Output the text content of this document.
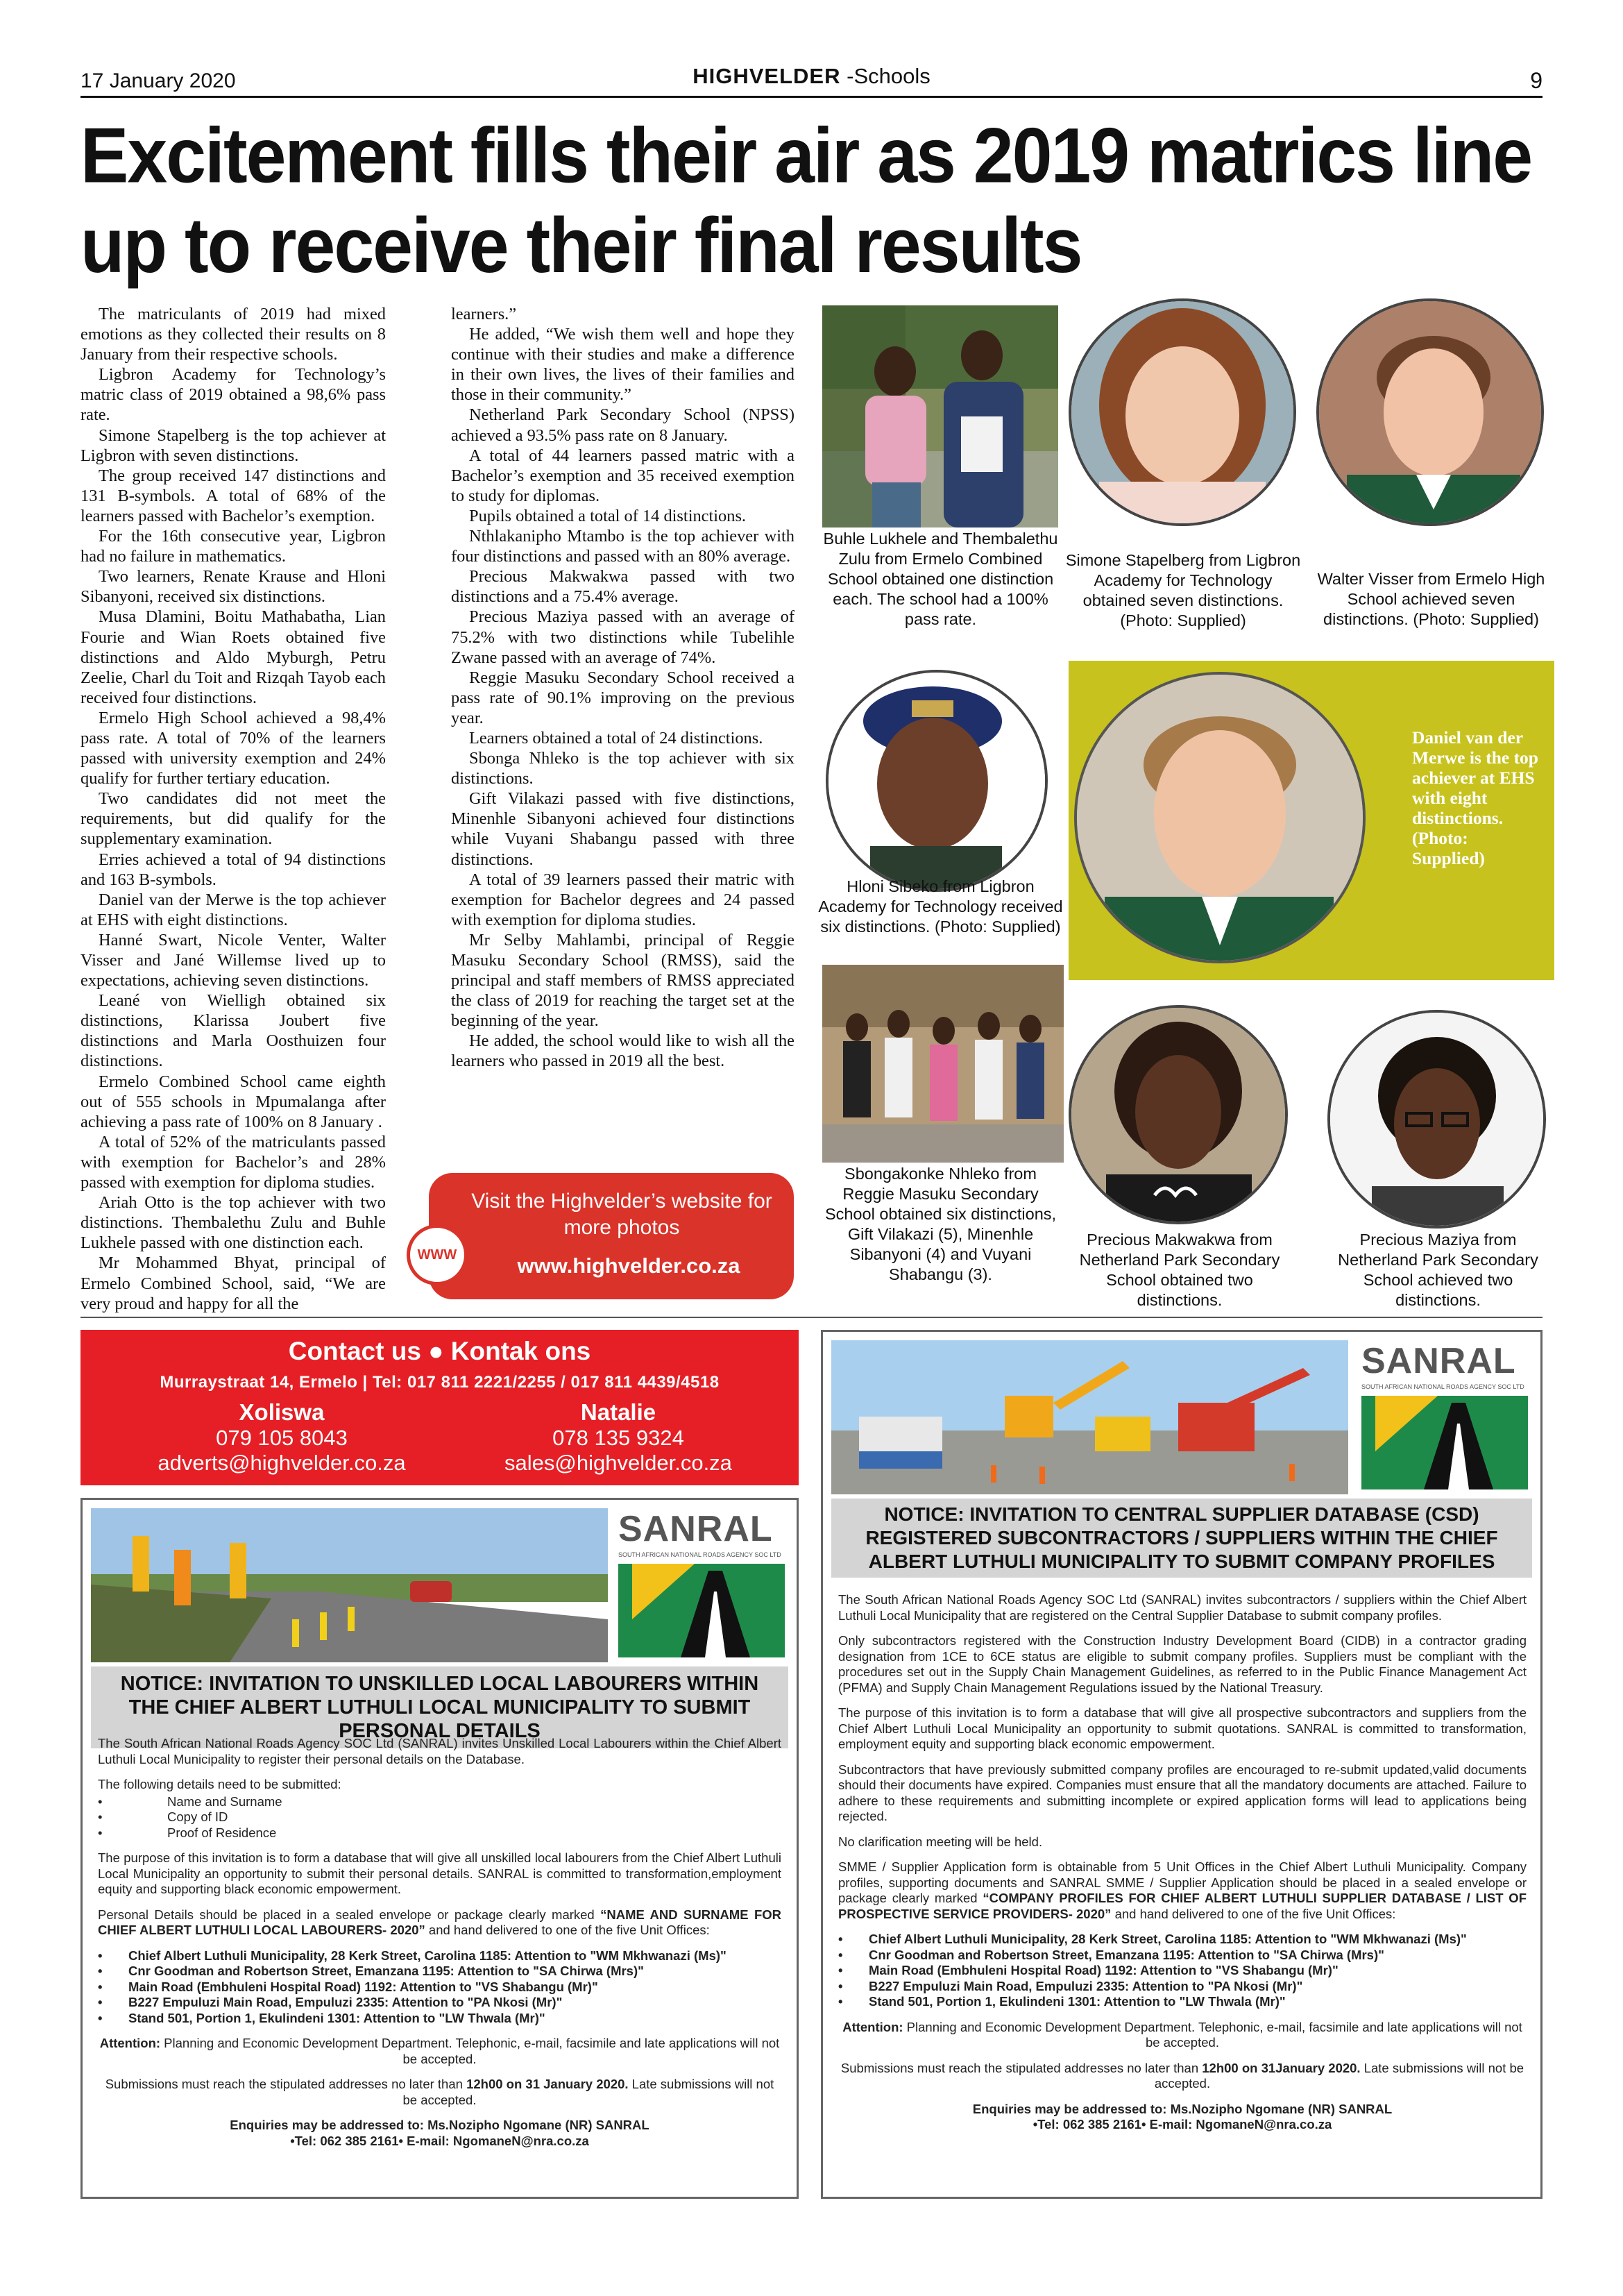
17 January 2020	HIGHVELDER -Schools	9
Excitement fills their air as 2019 matrics line up to receive their final results

The matriculants of 2019 had mixed emotions as they collected their results on 8 January from their respective schools.

Ligbron Academy for Technology’s matric class of 2019 obtained a 98,6% pass rate.

Simone Stapelberg is the top achiever at Ligbron with seven distinctions.

The group received 147 distinctions and 131 B-symbols. A total of 68% of the learners passed with Bachelor’s exemption.

For the 16th consecutive year, Ligbron had no failure in mathematics.

Two learners, Renate Krause and Hloni Sibanyoni, received six distinctions.

Musa Dlamini, Boitu Mathabatha, Lian Fourie and Wian Roets obtained five distinctions and Aldo Myburgh, Petru Zeelie, Charl du Toit and Rizqah Tayob each received four distinctions.

Ermelo High School achieved a 98,4% pass rate. A total of 70% of the learners passed with university exemption and 24% qualify for further tertiary education.

Two candidates did not meet the requirements, but did qualify for the supplementary examination.

Erries achieved a total of 94 distinctions and 163 B-symbols.

Daniel van der Merwe is the top achiever at EHS with eight distinctions.

Hanné Swart, Nicole Venter, Walter Visser and Jané Willemse lived up to expectations, achieving seven distinctions.

Leané von Wielligh obtained six distinctions, Klarissa Joubert five distinctions and Marla Oosthuizen four distinctions.

Ermelo Combined School came eighth out of 555 schools in Mpumalanga after achieving a pass rate of 100% on 8 January .

A total of 52% of the matriculants passed with exemption for Bachelor’s and 28% passed with exemption for diploma studies.

Ariah Otto is the top achiever with two distinctions. Thembalethu Zulu and Buhle Lukhele passed with one distinction each.

Mr Mohammed Bhyat, principal of Ermelo Combined School, said, “We are very proud and happy for all the

learners.”

He added, “We wish them well and hope they continue with their studies and make a difference in their own lives, the lives of their families and those in their community.”

Netherland Park Secondary School (NPSS) achieved a 93.5% pass rate on 8 January.

A total of 44 learners passed matric with a Bachelor’s exemption and 35 received exemption to study for diplomas.

Pupils obtained a total of 14 distinctions.

Nthlakanipho Mtambo is the top achiever with four distinctions and passed with an 80% average.

Precious Makwakwa passed with two distinctions and a 75.4% average.

Precious Maziya passed with an average of 75.2% with two distinctions while Tubelihle Zwane passed with an average of 74%.

Reggie Masuku Secondary School received a pass rate of 90.1% improving on the previous year.

Learners obtained a total of 24 distinctions.

Sbonga Nhleko is the top achiever with six distinctions.

Gift Vilakazi passed with five distinctions, Minenhle Sibanyoni achieved four distinctions while Vuyani Shabangu passed with three distinctions.

A total of 39 learners passed their matric with exemption for Bachelor degrees and 24 passed with exemption for diploma studies.

Mr Selby Mahlambi, principal of Reggie Masuku Secondary School (RMSS), said the principal and staff members of RMSS appreciated the class of 2019 for reaching the target set at the beginning of the year.

He added, the school would like to wish all the learners who passed in 2019 all the best.

Buhle Lukhele and Thembalethu Zulu from Ermelo Combined School obtained one distinction each. The school had a 100% pass rate.
Simone Stapelberg from Ligbron Academy for Technology obtained seven distinctions. (Photo: Supplied)
Walter Visser from Ermelo High School achieved seven distinctions. (Photo: Supplied)
Hloni Sibeko from Ligbron Academy for Technology received six distinctions. (Photo: Supplied)
Daniel van der Merwe is the top achiever at EHS with eight distinctions. (Photo: Supplied)
Sbongakonke Nhleko from Reggie Masuku Secondary School obtained six distinctions, Gift Vilakazi (5), Minenhle Sibanyoni (4) and Vuyani Shabangu (3).
Precious Makwakwa from Netherland Park Secondary School obtained two distinctions.
Precious Maziya from Netherland Park Secondary School achieved two distinctions.
Visit the Highvelder’s website for more photos
www.highvelder.co.za
WWW
Contact us ● Kontak ons
Murraystraat 14, Ermelo | Tel: 017 811 2221/2255 / 017 811 4439/4518
Xoliswa
079 105 8043
adverts@highvelder.co.za
Natalie
078 135 9324
sales@highvelder.co.za
SANRAL
SOUTH AFRICAN NATIONAL ROADS AGENCY SOC LTD
NOTICE: INVITATION TO UNSKILLED LOCAL LABOURERS WITHIN THE CHIEF ALBERT LUTHULI LOCAL MUNICIPALITY TO SUBMIT PERSONAL DETAILS

The South African National Roads Agency SOC Ltd (SANRAL) invites Unskilled Local Labourers within the Chief Albert Luthuli Local Municipality to register their personal details on the Database.

The following details need to be submitted:

• Name and Surname
• Copy of ID
• Proof of Residence

The purpose of this invitation is to form a database that will give all unskilled local labourers from the Chief Albert Luthuli Local Municipality an opportunity to submit their personal details. SANRAL is committed to transformation,employment equity and supporting black economic empowerment.

Personal Details should be placed in a sealed envelope or package clearly marked “NAME AND SURNAME FOR CHIEF ALBERT LUTHULI LOCAL LABOURERS- 2020” and hand delivered to one of the five Unit Offices:

• Chief Albert Luthuli Municipality, 28 Kerk Street, Carolina 1185: Attention to "WM Mkhwanazi (Ms)"
• Cnr Goodman and Robertson Street, Emanzana 1195: Attention to "SA Chirwa (Mrs)"
• Main Road (Embhuleni Hospital Road) 1192: Attention to "VS Shabangu (Mr)"
• B227 Empuluzi Main Road, Empuluzi 2335: Attention to "PA Nkosi (Mr)"
• Stand 501, Portion 1, Ekulindeni 1301: Attention to "LW Thwala (Mr)"

Attention: Planning and Economic Development Department. Telephonic, e-mail, facsimile and late applications will not be accepted.

Submissions must reach the stipulated addresses no later than 12h00 on 31 January 2020. Late submissions will not be accepted.

Enquiries may be addressed to: Ms.Nozipho Ngomane (NR) SANRAL
•Tel: 062 385 2161• E-mail: NgomaneN@nra.co.za
SANRAL
SOUTH AFRICAN NATIONAL ROADS AGENCY SOC LTD
NOTICE: INVITATION TO CENTRAL SUPPLIER DATABASE (CSD) REGISTERED SUBCONTRACTORS / SUPPLIERS WITHIN THE CHIEF ALBERT LUTHULI MUNICIPALITY TO SUBMIT COMPANY PROFILES

The South African National Roads Agency SOC Ltd (SANRAL) invites subcontractors / suppliers within the Chief Albert Luthuli Local Municipality that are registered on the Central Supplier Database to submit company profiles.

Only subcontractors registered with the Construction Industry Development Board (CIDB) in a contractor grading designation from 1CE to 6CE status are eligible to submit company profiles. Suppliers must be compliant with the procedures set out in the Supply Chain Management Guidelines, as referred to in the Public Finance Management Act (PFMA) and Supply Chain Management Regulations issued by the National Treasury.

The purpose of this invitation is to form a database that will give all prospective subcontractors and suppliers from the Chief Albert Luthuli Local Municipality an opportunity to submit quotations. SANRAL is committed to transformation, employment equity and supporting black economic empowerment.

Subcontractors that have previously submitted company profiles are encouraged to re-submit updated,valid documents should their documents have expired. Companies must ensure that all the mandatory documents are attached. Failure to adhere to these requirements and submitting incomplete or expired application forms will lead to applications being rejected.

No clarification meeting will be held.

SMME / Supplier Application form is obtainable from 5 Unit Offices in the Chief Albert Luthuli Municipality. Company profiles, supporting documents and SANRAL SMME / Supplier Application should be placed in a sealed envelope or package clearly marked “COMPANY PROFILES FOR CHIEF ALBERT LUTHULI SUPPLIER DATABASE / LIST OF PROSPECTIVE SERVICE PROVIDERS- 2020” and hand delivered to one of the five Unit Offices:

• Chief Albert Luthuli Municipality, 28 Kerk Street, Carolina 1185: Attention to "WM Mkhwanazi (Ms)"
• Cnr Goodman and Robertson Street, Emanzana 1195: Attention to "SA Chirwa (Mrs)"
• Main Road (Embhuleni Hospital Road) 1192: Attention to "VS Shabangu (Mr)"
• B227 Empuluzi Main Road, Empuluzi 2335: Attention to "PA Nkosi (Mr)"
• Stand 501, Portion 1, Ekulindeni 1301: Attention to "LW Thwala (Mr)"

Attention: Planning and Economic Development Department. Telephonic, e-mail, facsimile and late applications will not be accepted.

Submissions must reach the stipulated addresses no later than 12h00 on 31January 2020. Late submissions will not be accepted.

Enquiries may be addressed to: Ms.Nozipho Ngomane (NR) SANRAL
•Tel: 062 385 2161• E-mail: NgomaneN@nra.co.za
